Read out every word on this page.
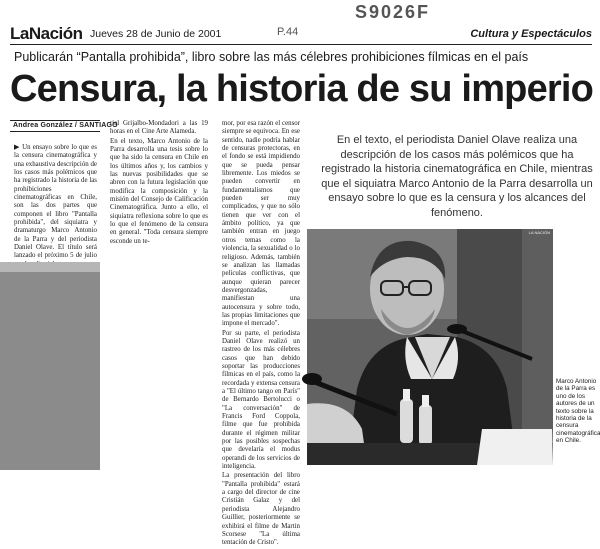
S9026F
P.44
LaNación Jueves 28 de Junio de 2001	Cultura y Espectáculos
Publicarán “Pantalla prohibida”, libro sobre las más célebres prohibiciones fílmicas en el país
Censura, la historia de su imperio
Andrea González / SANTIAGO

▶ Un ensayo sobre lo que es la censura cinematográfica y una exhaustiva descripción de los casos más polémicos que ha registrado la historia de las prohibiciones cinematográficas en Chile, son las dos partes que componen el libro "Pantalla prohibida", del siquiatra y dramaturgo Marco Antonio de la Parra y del periodista Daniel Olave. El título será lanzado el próximo 5 de julio

rial Grijalbo-Mondadori a las 19 horas en el Cine Arte Alameda.

En el texto, Marco Antonio de la Parra desarrolla una tesis sobre lo que ha sido la censura en Chile en los últimos años y, los cambios y las nuevas posibilidades que se abren con la futura legislación que modifica la composición y la misión del Consejo de Calificación Cinematográfica. Junto a ello, el siquiatra reflexiona sobre lo que es lo que el fenómeno de la censura en general. "Toda censura siempre esconde un te-

mor, por esa razón el censor siempre se equivoca. En ese sentido, nadie podría hablar de censuras protectoras, en el fondo se está impidiendo que se pueda pensar libremente. Los miedos se pueden convertir en fundamentalismos que pueden ser muy complicados, y que no sólo tienen que ver con el ámbito político, ya que también entran en juego otros temas como la violencia, la sexualidad o lo religioso. Además, también se analizan las llamadas películas conflictivas, que aunque quieran parecer desvergonzadas, manifiestan una autocensura y sobre todo, las propias limitaciones que impone el mercado".

Por su parte, el periodista Daniel Olave realizó un rastreo de los más célebres casos que han debido soportar las producciones fílmicas en el país, como la recordada y extensa censura a "El último tango en París" de Bernardo Bertolucci o "La conversación" de Francis Ford Coppola, filme que fue prohibida durante el régimen militar por las posibles sospechas que develaría el modus operandi de los servicios de inteligencia.

La presentación del libro "Pantalla prohibida" estará a cargo del director de cine Cristián Galaz y del periodista Alejandro Guillier, posteriormente se exhibirá el filme de Martin Scorsese "La última tentación de Cristo".

En el texto, el periodista Daniel Olave realiza una descripción de los casos más polémicos que ha registrado la historia cinematográfica en Chile, mientras que el siquiatra Marco Antonio de la Parra desarrolla un ensayo sobre lo que es la censura y los alcances del fenómeno.
LA NACIÓN
Marco Antonio de la Parra es uno de los autores de un texto sobre la historia de la censura cinematográfica en Chile.
